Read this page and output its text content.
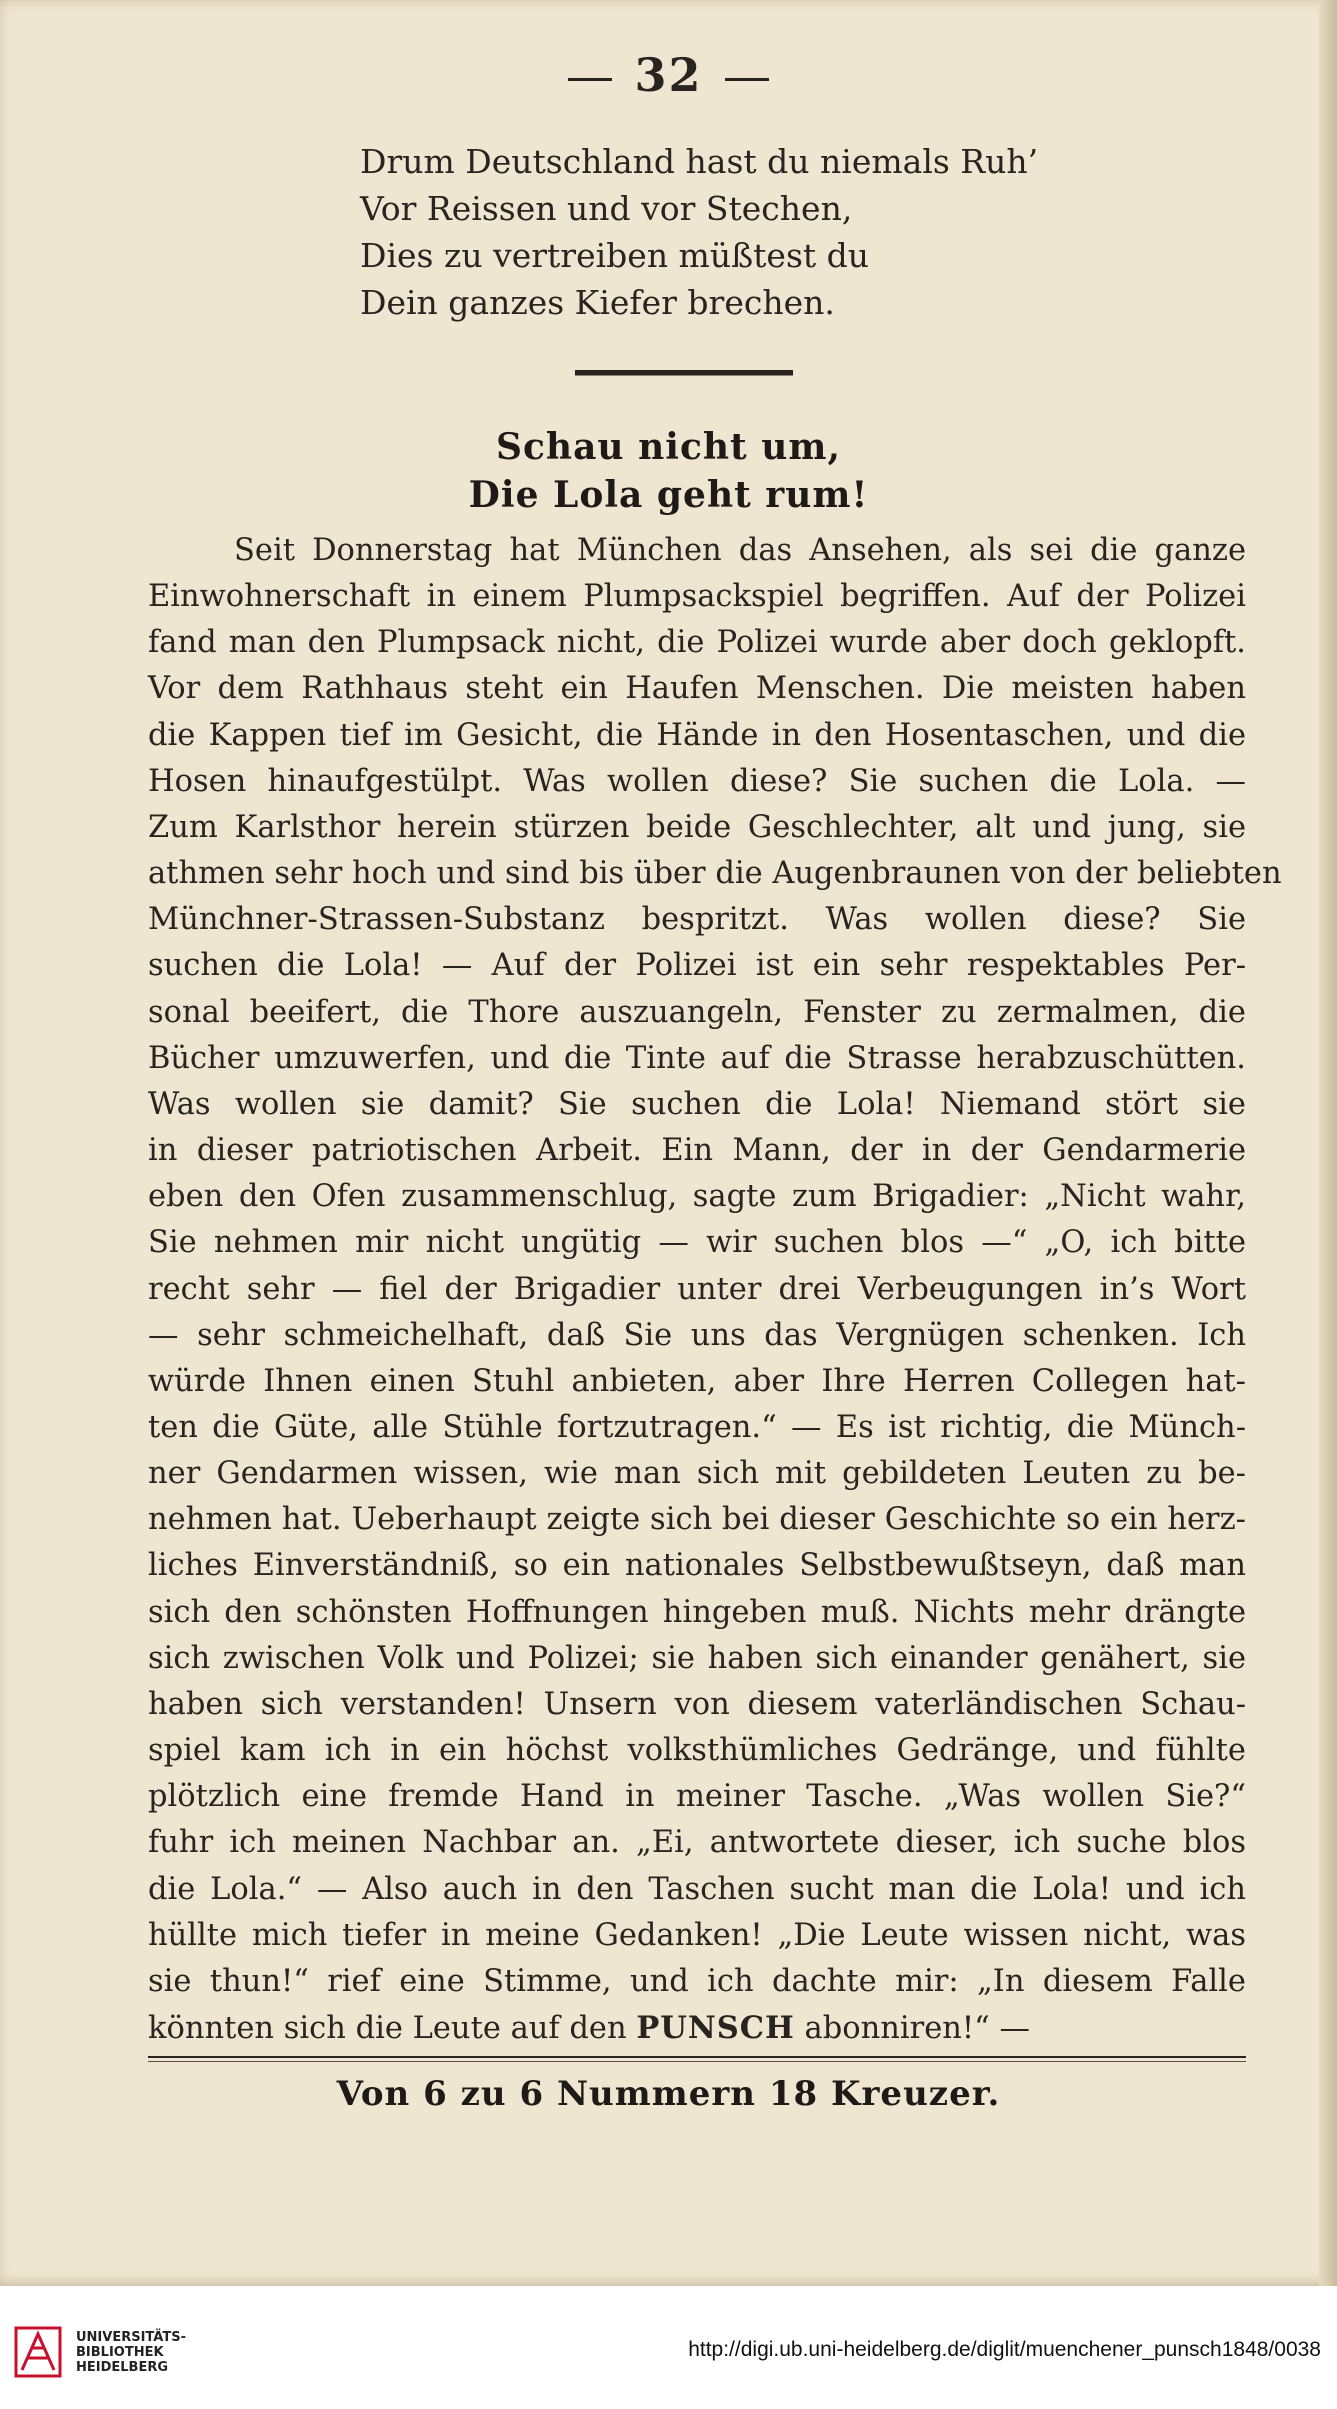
32
Drum Deutschland hast du niemals Ruh’
Vor Reissen und vor Stechen,
Dies zu vertreiben müßtest du
Dein ganzes Kiefer brechen.
Schau nicht um,
Die Lola geht rum!
Seit Donnerstag hat München das Ansehen, als sei die ganze
Einwohnerschaft in einem Plumpsackspiel begriffen. Auf der Polizei
fand man den Plumpsack nicht, die Polizei wurde aber doch geklopft.
Vor dem Rathhaus steht ein Haufen Menschen. Die meisten haben
die Kappen tief im Gesicht, die Hände in den Hosentaschen, und die
Hosen hinaufgestülpt. Was wollen diese? Sie suchen die Lola. —
Zum Karlsthor herein stürzen beide Geschlechter, alt und jung, sie
athmen sehr hoch und sind bis über die Augenbraunen von der beliebten
Münchner-Strassen-Substanz bespritzt. Was wollen diese? Sie
suchen die Lola! — Auf der Polizei ist ein sehr respektables Per-
sonal beeifert, die Thore auszuangeln, Fenster zu zermalmen, die
Bücher umzuwerfen, und die Tinte auf die Strasse herabzuschütten.
Was wollen sie damit? Sie suchen die Lola! Niemand stört sie
in dieser patriotischen Arbeit. Ein Mann, der in der Gendarmerie
eben den Ofen zusammenschlug, sagte zum Brigadier: „Nicht wahr,
Sie nehmen mir nicht ungütig — wir suchen blos —“ „O, ich bitte
recht sehr — fiel der Brigadier unter drei Verbeugungen in’s Wort
— sehr schmeichelhaft, daß Sie uns das Vergnügen schenken. Ich
würde Ihnen einen Stuhl anbieten, aber Ihre Herren Collegen hat-
ten die Güte, alle Stühle fortzutragen.“ — Es ist richtig, die Münch-
ner Gendarmen wissen, wie man sich mit gebildeten Leuten zu be-
nehmen hat. Ueberhaupt zeigte sich bei dieser Geschichte so ein herz-
liches Einverständniß, so ein nationales Selbstbewußtseyn, daß man
sich den schönsten Hoffnungen hingeben muß. Nichts mehr drängte
sich zwischen Volk und Polizei; sie haben sich einander genähert, sie
haben sich verstanden! Unsern von diesem vaterländischen Schau-
spiel kam ich in ein höchst volksthümliches Gedränge, und fühlte
plötzlich eine fremde Hand in meiner Tasche. „Was wollen Sie?“
fuhr ich meinen Nachbar an. „Ei, antwortete dieser, ich suche blos
die Lola.“ — Also auch in den Taschen sucht man die Lola! und ich
hüllte mich tiefer in meine Gedanken! „Die Leute wissen nicht, was
sie thun!“ rief eine Stimme, und ich dachte mir: „In diesem Falle
könnten sich die Leute auf den PUNSCH abonniren!“ —
Von 6 zu 6 Nummern 18 Kreuzer.
UNIVERSITÄTS-
BIBLIOTHEK
HEIDELBERG
http://digi.ub.uni-heidelberg.de/diglit/muenchener_punsch1848/0038
